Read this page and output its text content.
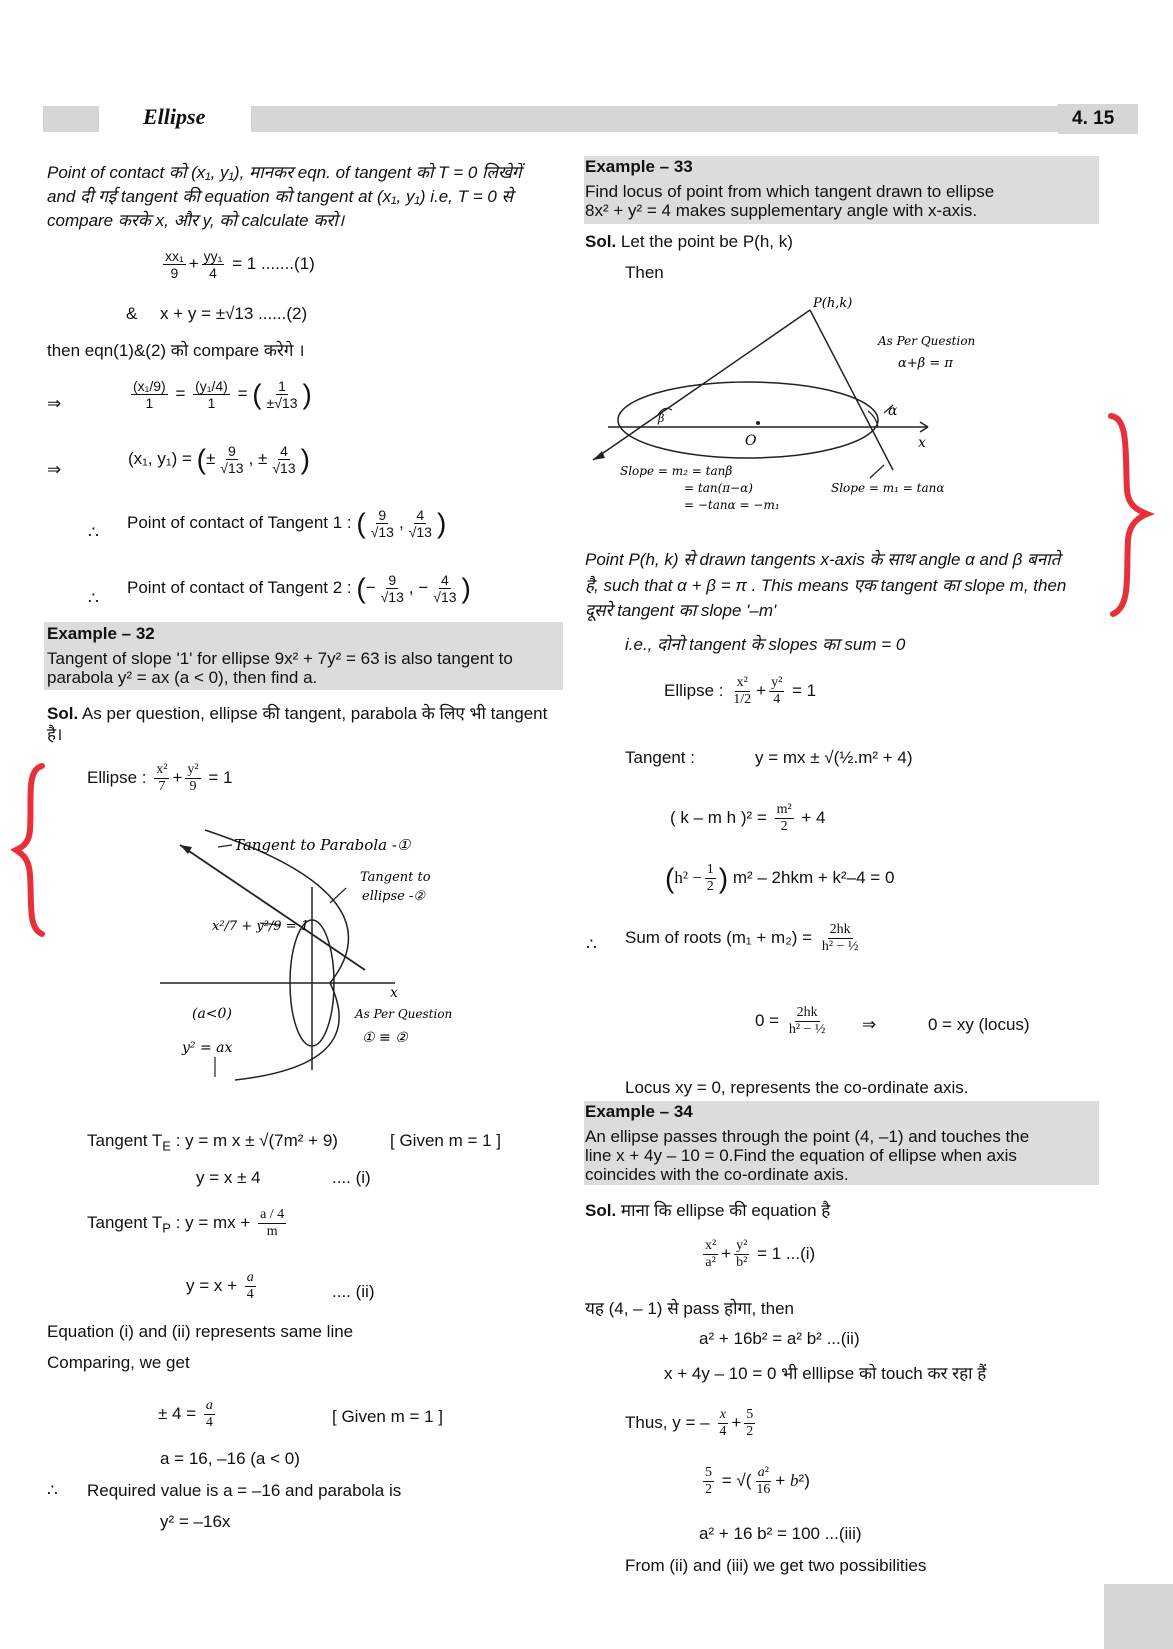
Ellipse	4. 15
Point of contact को (x₁, y₁), मानकर eqn. of tangent को T = 0 लिखेगें
and दी गई tangent की equation को tangent at (x₁, y₁) i.e, T = 0 से
compare करके x, और y, को calculate करो।
$\frac{\text{xx₁}}{9} + \frac{\text{yy₁}}{4} = 1$ .......(1)
& x + y = ±√13 ......(2)
then eqn(1)&(2) को compare करेगे ।
⇒	$\frac{\text{(x₁/9)}}{1} = \frac{\text{(y₁/4)}}{1}$ = ( $\frac{1}{\pm√13}$ )
⇒
(x₁, y₁) = (± $\frac{9}{√13}$ , ± $\frac{4}{√13}$ )
∴
Point of contact of Tangent 1 : ( $\frac{9}{√13}$ , $\frac{4}{√13}$ )
∴
Point of contact of Tangent 2 : (− $\frac{9}{√13}$ , − $\frac{4}{√13}$ )
Example – 32
Tangent of slope '1' for ellipse 9x² + 7y² = 63 is also tangent to
parabola y² = ax (a < 0), then find a.
Sol. As per question, ellipse की tangent, parabola के लिए भी tangent
है।
Ellipse : $\frac{\text{x²}}{7} + \frac{\text{y²}}{9} = 1$
Tangent to Parabola -①
Tangent to
ellipse -②
x²/7 + y²/9 = 1
(a<0)
y² = ax
As Per Question
① ≡ ②
x
Tangent $T_E$ : y = m x ± √(7m² + 9)	[ Given m = 1 ]
y = x ± 4	.... (i)
Tangent $T_P$ : y = mx + $\frac{a / 4}{m}$
$y = x + \frac{a}{4}$	.... (ii)
Equation (i) and (ii) represents same line
Comparing, we get
± $4 = \frac{a}{4}$	[ Given m = 1 ]
a = 16, –16 (a < 0)
∴ Required value is a = –16 and parabola is
y² = –16x
Example – 33
Find locus of point from which tangent drawn to ellipse
8x² + y² = 4 makes supplementary angle with x-axis.
Sol. Let the point be P(h, k)
Then
P(h,k)
As Per Question
α+β = π
O	x
β	α
Slope = m₂ = tanβ
= tan(π−α)
= −tanα = −m₁
Slope = m₁ = tanα
Point P(h, k) से drawn tangents x-axis के साथ angle α and β बनाते
है, such that α + β = π . This means एक tangent का slope m, then
दूसरे tangent का slope '–m'
i.e., दोनो tangent के slopes का sum = 0
Ellipse : $\frac{\text{x²}}{1/2} + \frac{\text{y²}}{4} = 1$
Tangent :	y = mx ± √(½.m² + 4)
( k – m h )$^2 = \frac{\text{m²}}{2} + 4$
($h^2 - \frac{1}{2}$ ) m² – 2hkm + k²–4 = 0
∴ Sum of roots $(m_1 + m_2) = \frac{2hk}{\text{h² − ½}}$
$0 = \frac{2hk}{\text{h² − ½}}$ ⇒	0 = xy (locus)
Locus xy = 0, represents the co-ordinate axis.
Example – 34
An ellipse passes through the point (4, –1) and touches the
line x + 4y – 10 = 0.Find the equation of ellipse when axis
coincides with the co-ordinate axis.
Sol. माना कि ellipse की equation है
$\frac{\text{x²}}{\text{a²}} + \frac{\text{y²}}{\text{b²}} = 1$ ...(i)
यह (4, – 1) से pass होगा, then
a² + 16b² = a² b² ...(ii)
x + 4y – 10 = 0 भी elllipse को touch कर रहा हैं
Thus, y = – $\frac{x}{4} + \frac{5}{2}$
$\frac{5}{2}$ = √( $\frac{\text{a²}}{16} + b^2$)
a² + 16 b² = 100 ...(iii)
From (ii) and (iii) we get two possibilities
